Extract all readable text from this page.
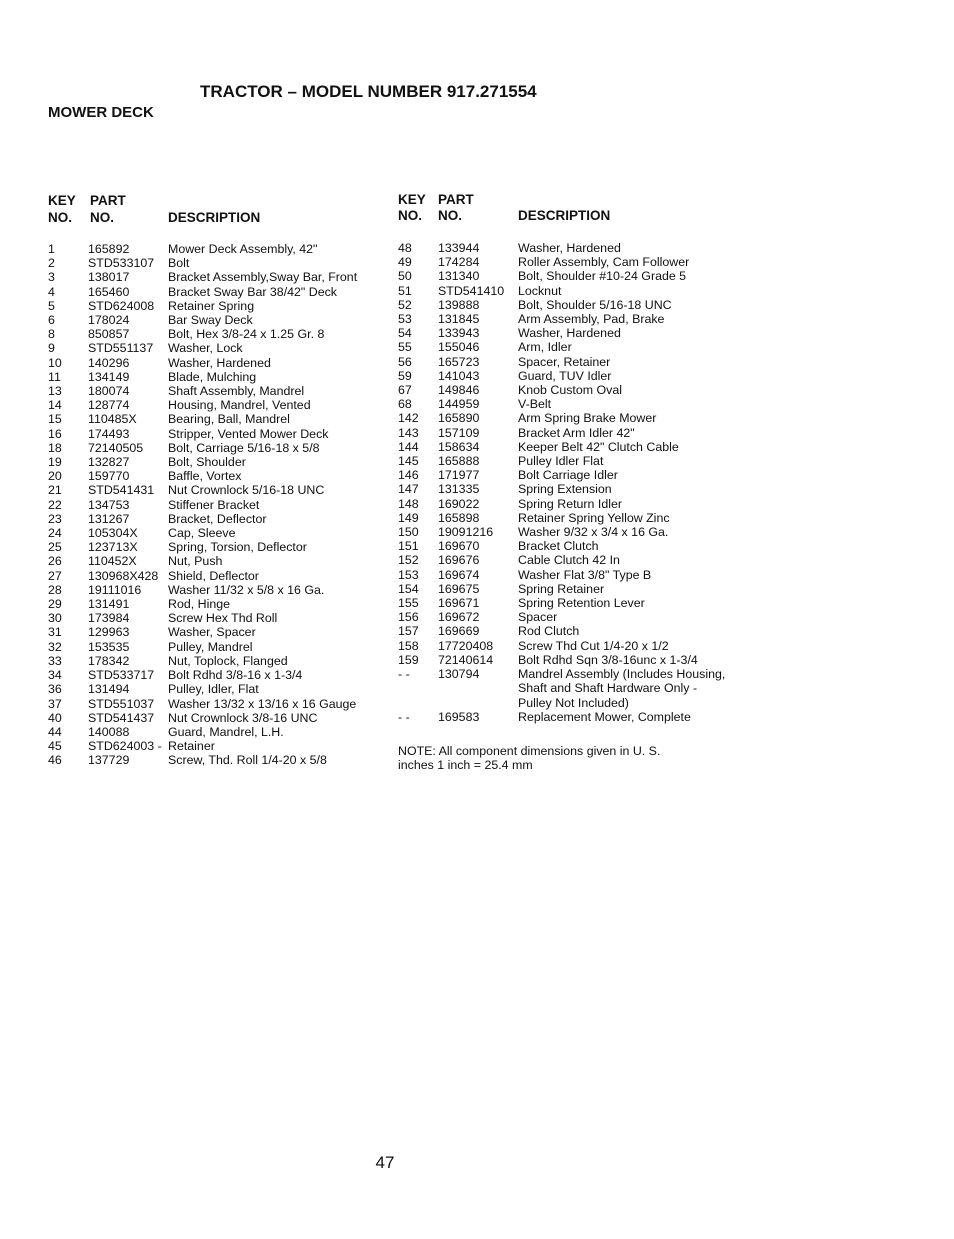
TRACTOR – MODEL NUMBER 917.271554
MOWER DECK
KEY PART
NO. NO.	DESCRIPTION
1	165892	Mower Deck Assembly, 42"
2	STD533107	Bolt
3	138017	Bracket Assembly,Sway Bar, Front
4	165460	Bracket Sway Bar 38/42" Deck
5	STD624008	Retainer Spring
6	178024	Bar Sway Deck
8	850857	Bolt, Hex 3/8-24 x 1.25 Gr. 8
9	STD551137	Washer, Lock
10	140296	Washer, Hardened
11	134149	Blade, Mulching
13	180074	Shaft Assembly, Mandrel
14	128774	Housing, Mandrel, Vented
15	110485X	Bearing, Ball, Mandrel
16	174493	Stripper, Vented Mower Deck
18	72140505	Bolt, Carriage 5/16-18 x 5/8
19	132827	Bolt, Shoulder
20	159770	Baffle, Vortex
21	STD541431	Nut Crownlock 5/16-18 UNC
22	134753	Stiffener Bracket
23	131267	Bracket, Deflector
24	105304X	Cap, Sleeve
25	123713X	Spring, Torsion, Deflector
26	110452X	Nut, Push
27	130968X428 Shield, Deflector
28	19111016	Washer 11/32 x 5/8 x 16 Ga.
29	131491	Rod, Hinge
30	173984	Screw Hex Thd Roll
31	129963	Washer, Spacer
32	153535	Pulley, Mandrel
33	178342	Nut, Toplock, Flanged
34	STD533717	Bolt Rdhd 3/8-16 x 1-3/4
36	131494	Pulley, Idler, Flat
37	STD551037	Washer 13/32 x 13/16 x 16 Gauge
40	STD541437	Nut Crownlock 3/8-16 UNC
44	140088	Guard, Mandrel, L.H.
45	STD624003 - Retainer
46	137729	Screw, Thd. Roll 1/4-20 x 5/8
KEY PART
NO. NO.	DESCRIPTION
48	133944	Washer, Hardened
49	174284	Roller Assembly, Cam Follower
50	131340	Bolt, Shoulder #10-24 Grade 5
51	STD541410	Locknut
52	139888	Bolt, Shoulder 5/16-18 UNC
53	131845	Arm Assembly, Pad, Brake
54	133943	Washer, Hardened
55	155046	Arm, Idler
56	165723	Spacer, Retainer
59	141043	Guard, TUV Idler
67	149846	Knob Custom Oval
68	144959	V-Belt
142	165890	Arm Spring Brake Mower
143	157109	Bracket Arm Idler 42"
144	158634	Keeper Belt 42" Clutch Cable
145	165888	Pulley Idler Flat
146	171977	Bolt Carriage Idler
147	131335	Spring Extension
148	169022	Spring Return Idler
149	165898	Retainer Spring Yellow Zinc
150	19091216	Washer 9/32 x 3/4 x 16 Ga.
151	169670	Bracket Clutch
152	169676	Cable Clutch 42 In
153	169674	Washer Flat 3/8" Type B
154	169675	Spring Retainer
155	169671	Spring Retention Lever
156	169672	Spacer
157	169669	Rod Clutch
158	17720408	Screw Thd Cut 1/4-20 x 1/2
159	72140614	Bolt Rdhd Sqn 3/8-16unc x 1-3/4
- -	130794	Mandrel Assembly (Includes Housing, Shaft and Shaft Hardware Only - Pulley Not Included)
- -	169583	Replacement Mower, Complete
NOTE: All component dimensions given in U. S. inches 1 inch = 25.4 mm
47
